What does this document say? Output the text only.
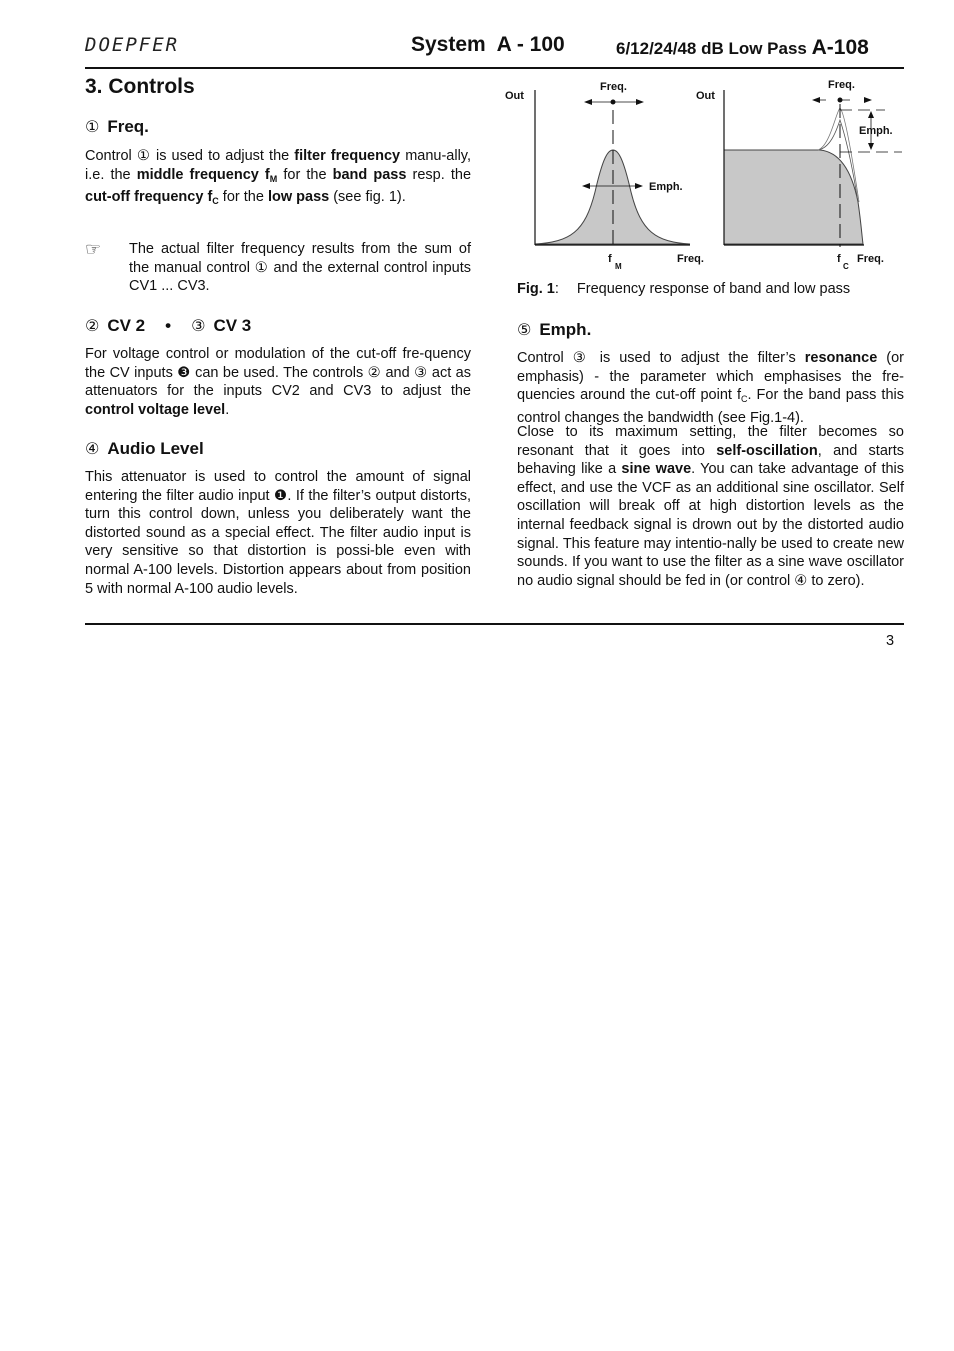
DOEPFER	System  A - 100	6/12/24/48 dB Low Pass A-108
3. Controls
① Freq.
Control ① is used to adjust the filter frequency manu-ally, i.e. the middle frequency $f_M$ for the band pass resp. the cut-off frequency $f_C$ for the low pass (see fig. 1).
☞ The actual filter frequency results from the sum of the manual control ① and the external control inputs CV1 ... CV3.
② CV 2 • ③ CV 3
For voltage control or modulation of the cut-off fre-quency the CV inputs ❸ can be used. The controls ② and ③ act as attenuators for the inputs CV2 and CV3 to adjust the control voltage level.
④ Audio Level
This attenuator is used to control the amount of signal entering the filter audio input ❶. If the filter’s output distorts, turn this control down, unless you deliberately want the distorted sound as a special effect. The filter audio input is very sensitive so that distortion is possi-ble even with normal A-100 levels. Distortion appears about from position 5 with normal A-100 audio levels.
Out
Freq.
Emph.
f
M
Freq.
Out
Freq.
Emph.
f
C
Freq.
Fig. 1: Frequency response of band and low pass
⑤ Emph.
Control ③ is used to adjust the filter’s resonance (or emphasis) - the parameter which emphasises the fre-quencies around the cut-off point $f_C$. For the band pass this control changes the bandwidth (see Fig.1-4).
Close to its maximum setting, the filter becomes so resonant that it goes into self-oscillation, and starts behaving like a sine wave. You can take advantage of this effect, and use the VCF as an additional sine oscillator. Self oscillation will break off at high distortion levels as the internal feedback signal is drown out by the distorted audio signal. This feature may intentio-nally be used to create new sounds. If you want to use the filter as a sine wave oscillator no audio signal should be fed in (or control ④ to zero).
3
